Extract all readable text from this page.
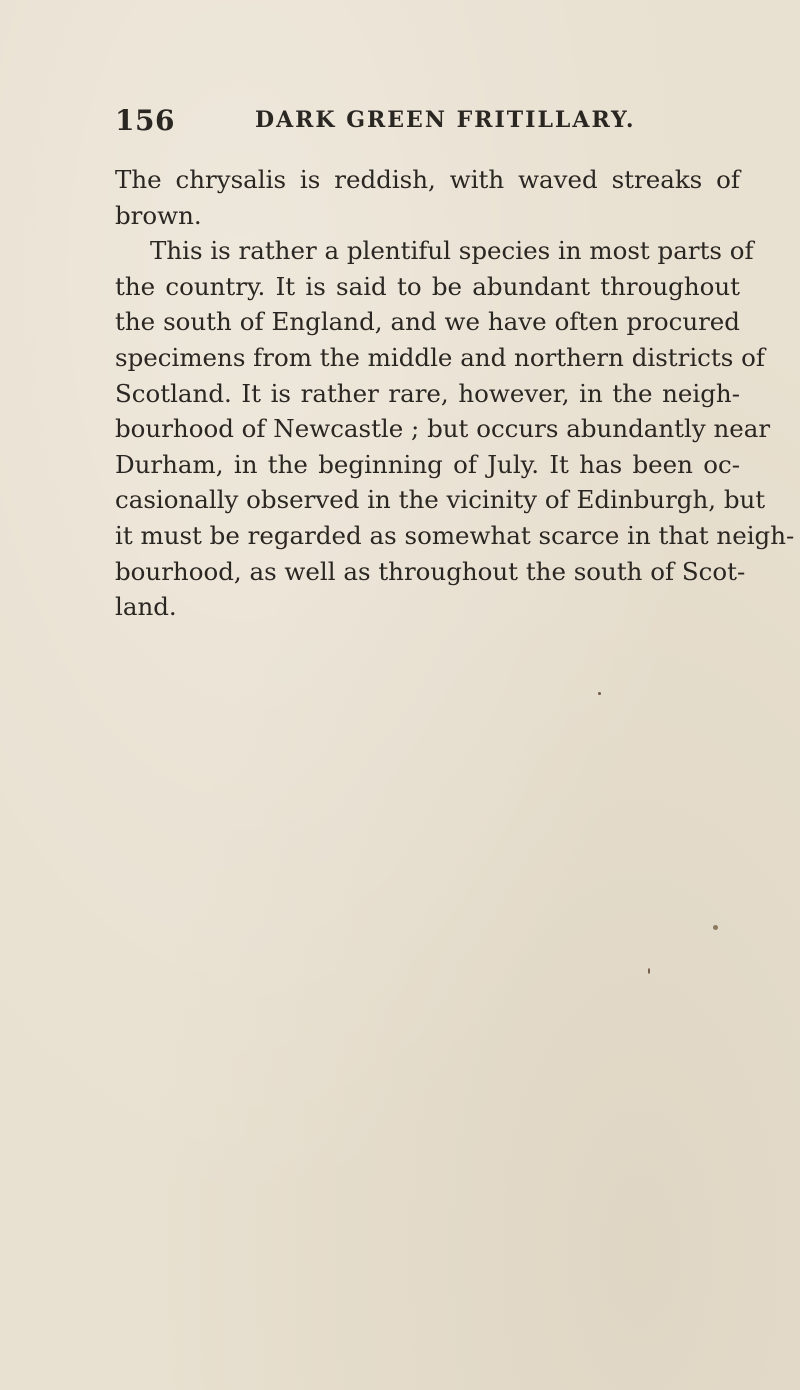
156	DARK GREEN FRITILLARY.
The chrysalis is reddish, with waved streaks of
brown.
This is rather a plentiful species in most parts of
the country. It is said to be abundant throughout
the south of England, and we have often procured
specimens from the middle and northern districts of
Scotland. It is rather rare, however, in the neigh-
bourhood of Newcastle ; but occurs abundantly near
Durham, in the beginning of July. It has been oc-
casionally observed in the vicinity of Edinburgh, but
it must be regarded as somewhat scarce in that neigh-
bourhood, as well as throughout the south of Scot-
land.
